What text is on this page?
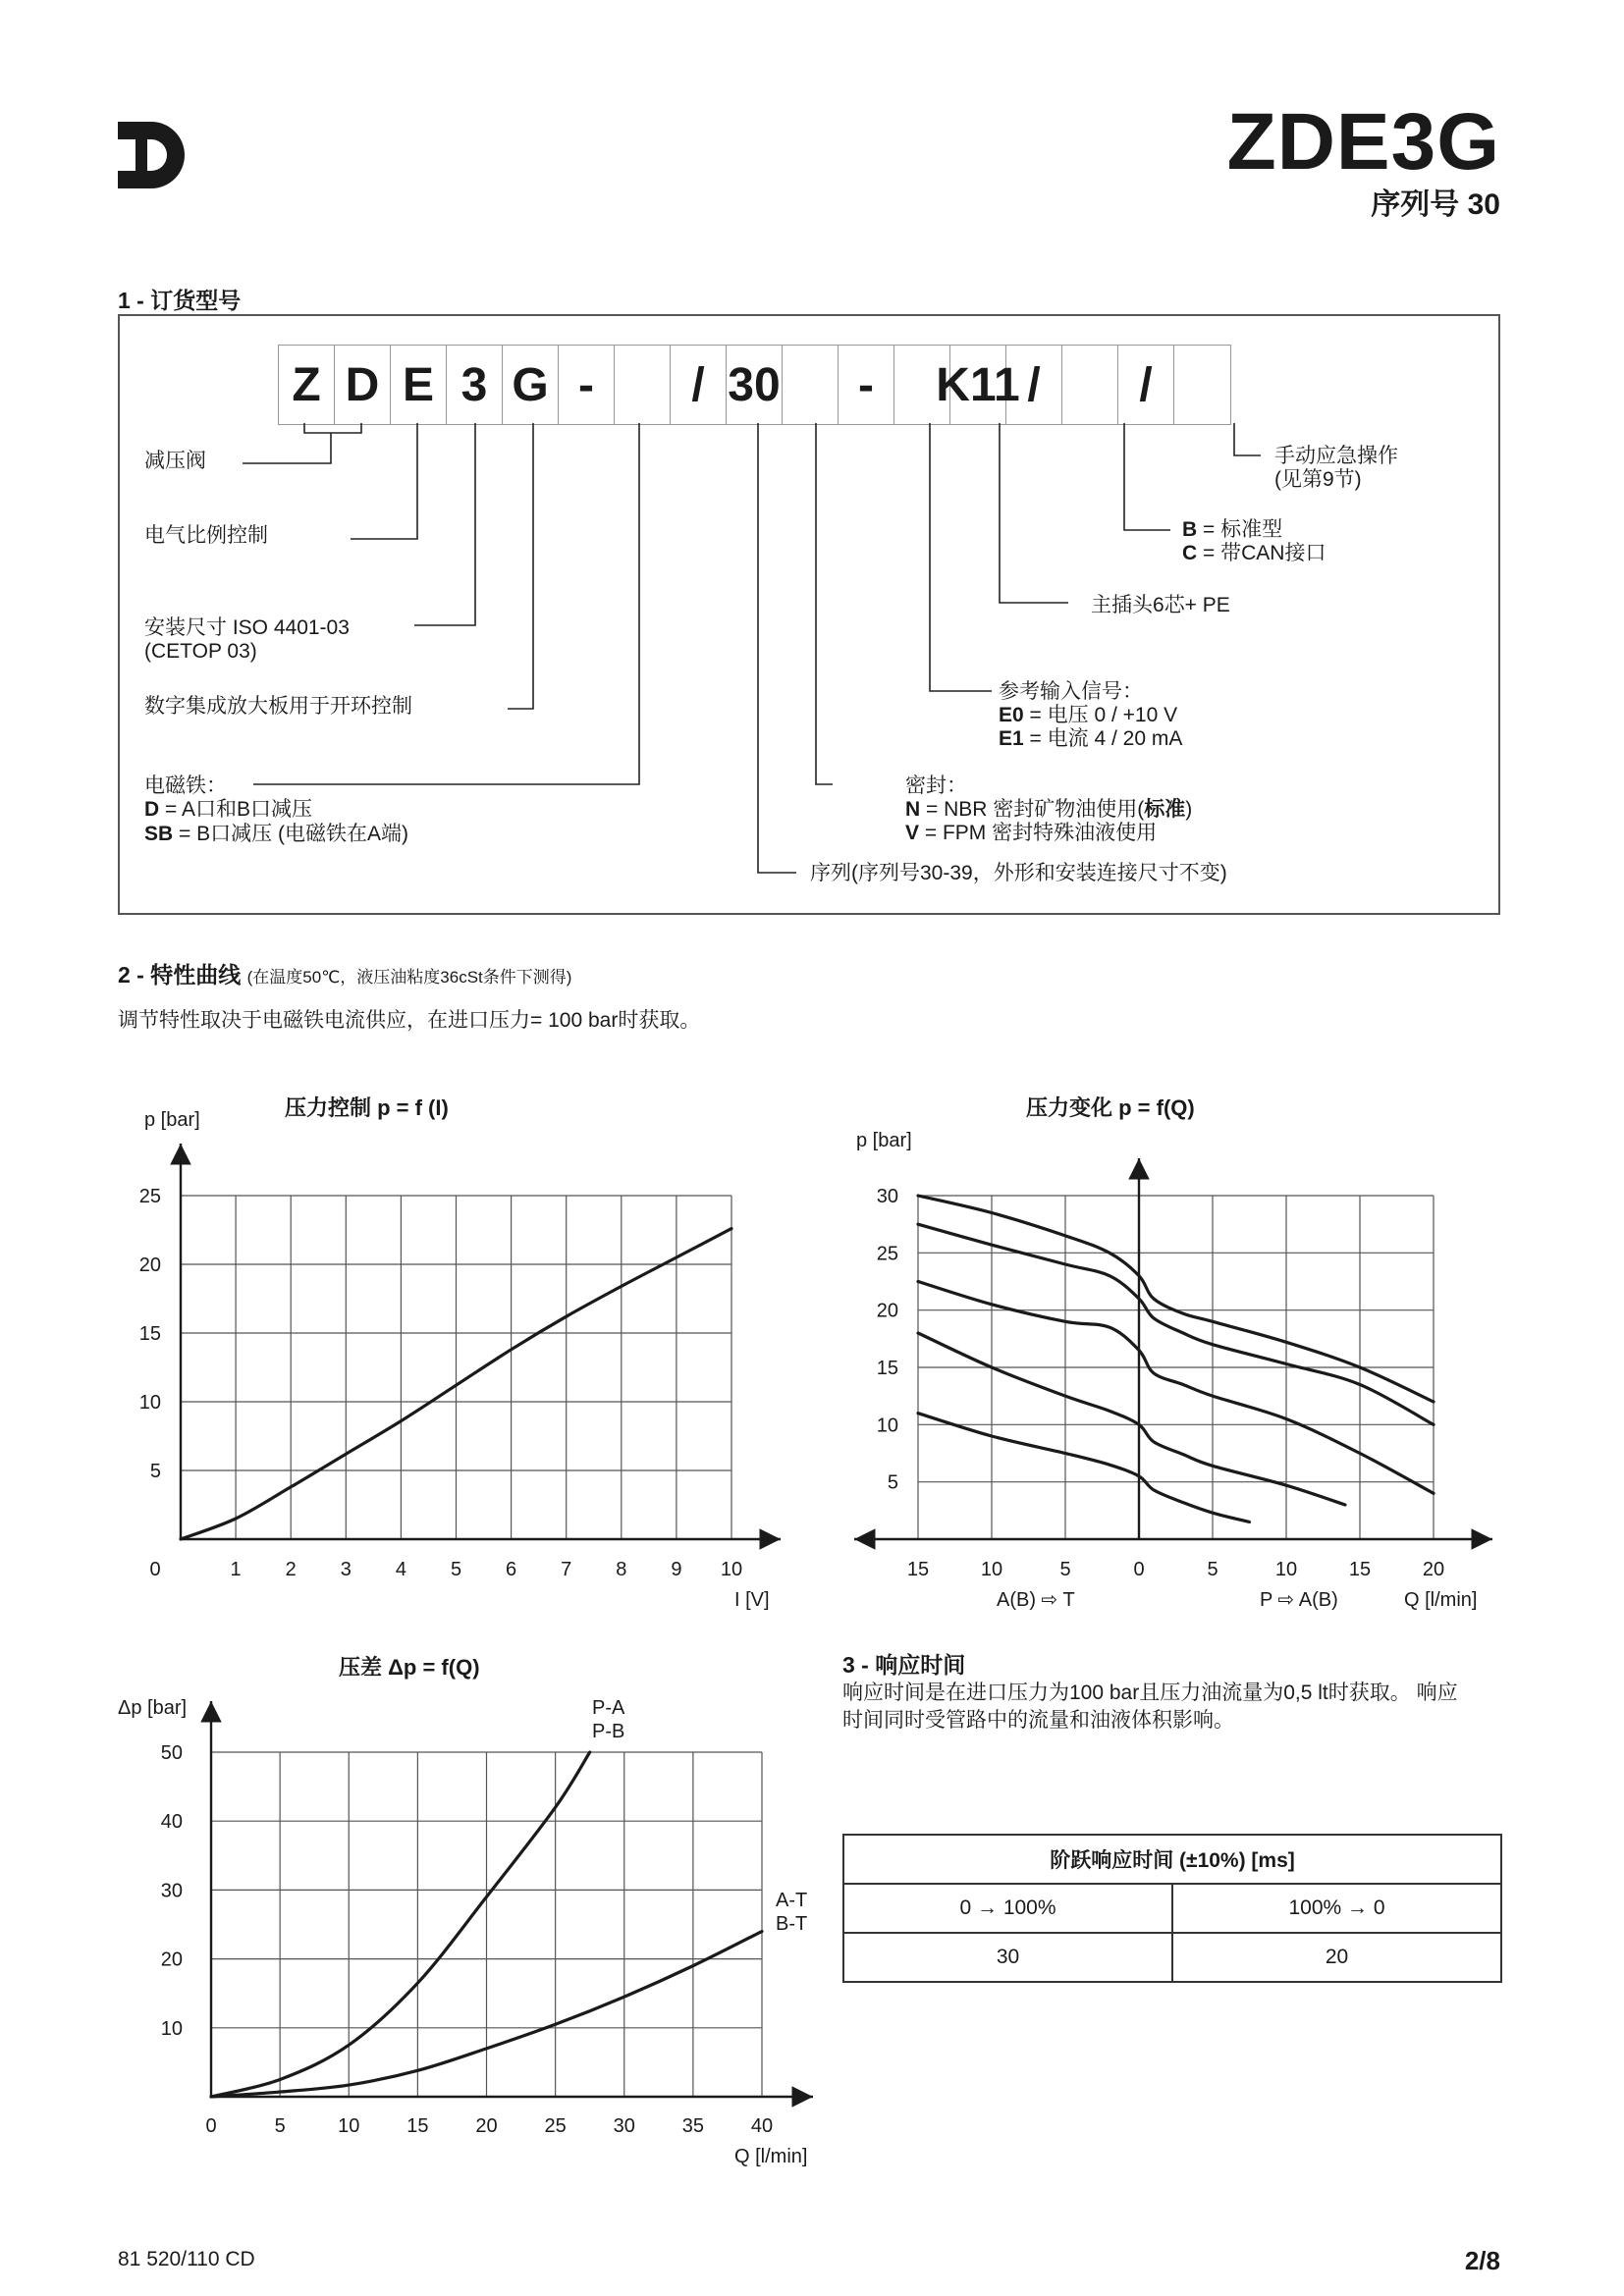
ZDE3G
序列号 30
1 - 订货型号
Z D E 3 G -	/ 30	-	K11 /	/
减压阀
电气比例控制
安装尺寸 ISO 4401-03
(CETOP 03)
数字集成放大板用于开环控制
电磁铁：
D = A口和B口减压
SB = B口减压 (电磁铁在A端)
序列(序列号30-39，外形和安装连接尺寸不变)
密封：
N = NBR 密封矿物油使用(标准)
V = FPM 密封特殊油液使用
参考输入信号：
E0 = 电压 0 / +10 V
E1 = 电流 4 / 20 mA
主插头6芯+ PE
B = 标准型
C = 带CAN接口
手动应急操作
(见第9节)
2 - 特性曲线 (在温度50℃，液压油粘度36cSt条件下测得)
调节特性取决于电磁铁电流供应，在进口压力= 100 bar时获取。
压力控制 p = f (I)
p [bar]
I [V]
0	1 2 3 4 5 6 7 8 9 10
5
10
15
20
25
压力变化 p = f(Q)
p [bar]
Q [l/min]
15	10	5	0	5	10	15	20
5
10
15
20
25
30
A(B) ⇨ T	P ⇨ A(B)
压差 Δp = f(Q)
Δp [bar]
Q [l/min]
0	5	10 15 20 25 30 35 40
10
20
30
40
50
P-A
P-B
A-T
B-T
3 - 响应时间
响应时间是在进口压力为100 bar且压力油流量为0,5 lt时获取。 响应
时间同时受管路中的流量和油液体积影响。
阶跃响应时间 (±10%) [ms]	
0 → 100%	100% → 0
30	20
81 520/110 CD	2/8
